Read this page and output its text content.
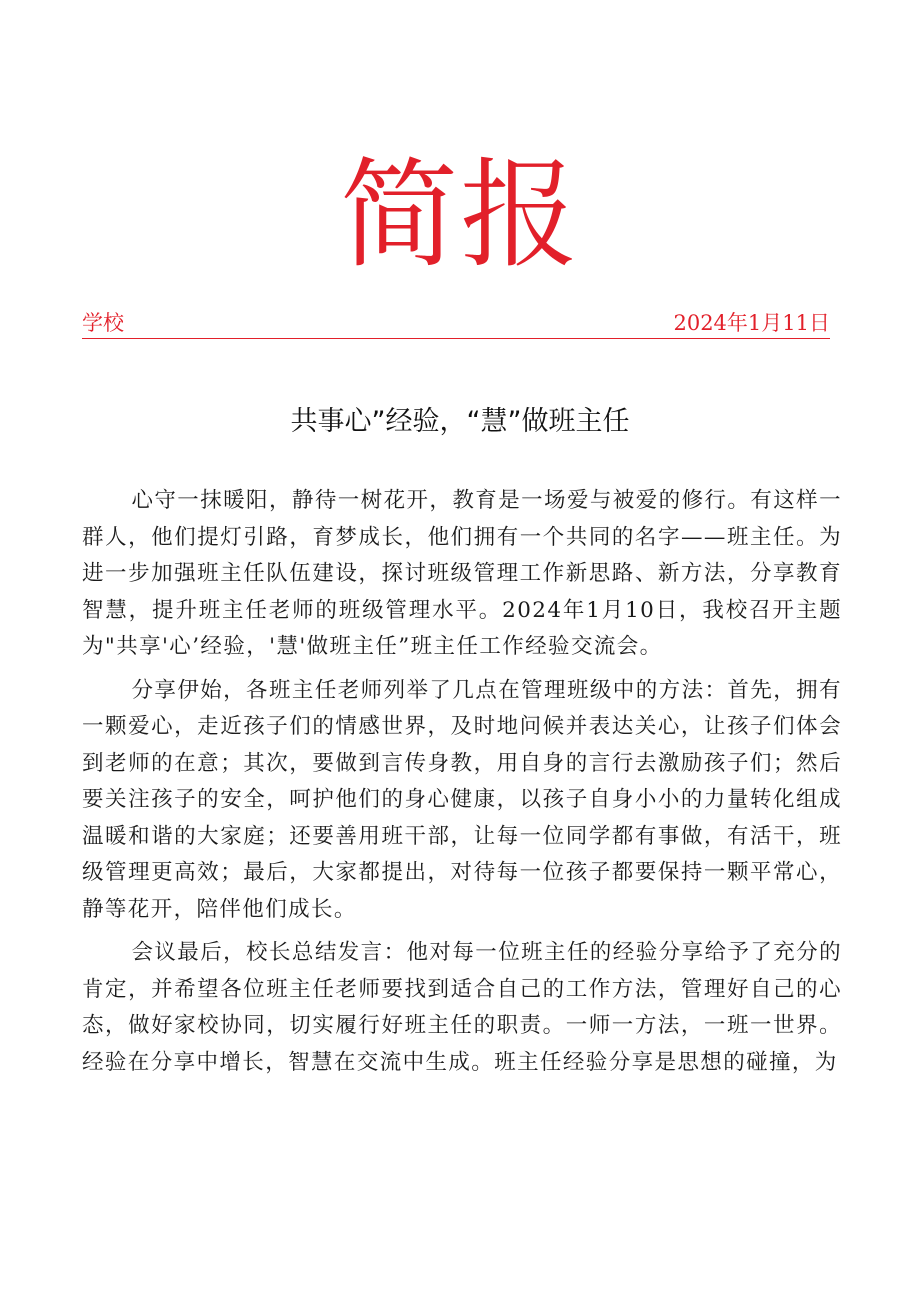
简报
学校	2024年1月11日
共事心”经验，“慧”做班主任

心守一抹暖阳，静待一树花开，教育是一场爱与被爱的修行。有这样一群人，他们提灯引路，育梦成长，他们拥有一个共同的名字——班主任。为进一步加强班主任队伍建设，探讨班级管理工作新思路、新方法，分享教育智慧，提升班主任老师的班级管理水平。2024年1月10日，我校召开主题为"共享'心’经验，'慧'做班主任”班主任工作经验交流会。

分享伊始，各班主任老师列举了几点在管理班级中的方法：首先，拥有一颗爱心，走近孩子们的情感世界，及时地问候并表达关心，让孩子们体会到老师的在意；其次，要做到言传身教，用自身的言行去激励孩子们；然后要关注孩子的安全，呵护他们的身心健康，以孩子自身小小的力量转化组成温暖和谐的大家庭；还要善用班干部，让每一位同学都有事做，有活干，班级管理更高效；最后，大家都提出，对待每一位孩子都要保持一颗平常心，静等花开，陪伴他们成长。

会议最后，校长总结发言：他对每一位班主任的经验分享给予了充分的肯定，并希望各位班主任老师要找到适合自己的工作方法，管理好自己的心态，做好家校协同，切实履行好班主任的职责。一师一方法，一班一世界。经验在分享中增长，智慧在交流中生成。班主任经验分享是思想的碰撞，为
